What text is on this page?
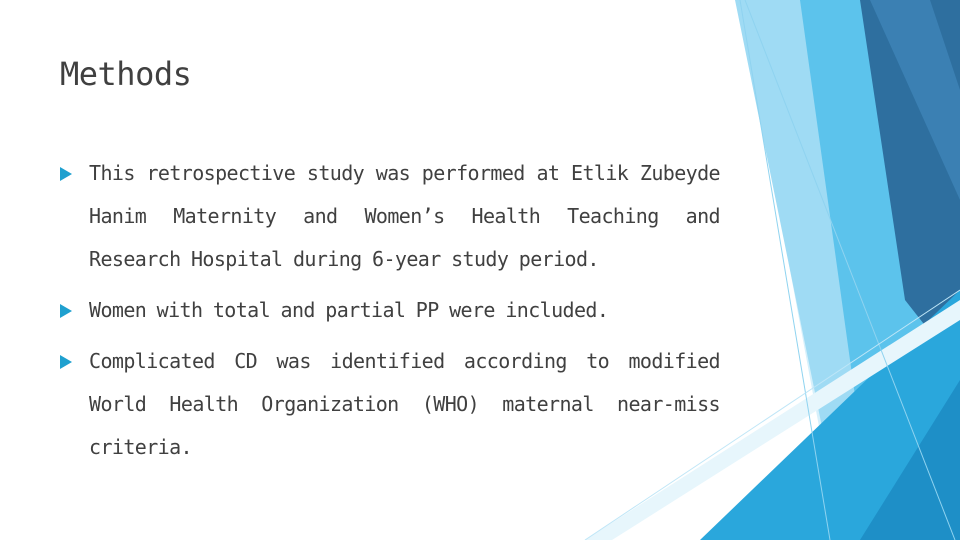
Methods
This retrospective study was performed at Etlik Zubeyde Hanim Maternity and Women’s Health Teaching and Research Hospital during 6-year study period.
Women with total and partial PP were included.
Complicated CD was identified according to modified World Health Organization (WHO) maternal near-miss criteria.
